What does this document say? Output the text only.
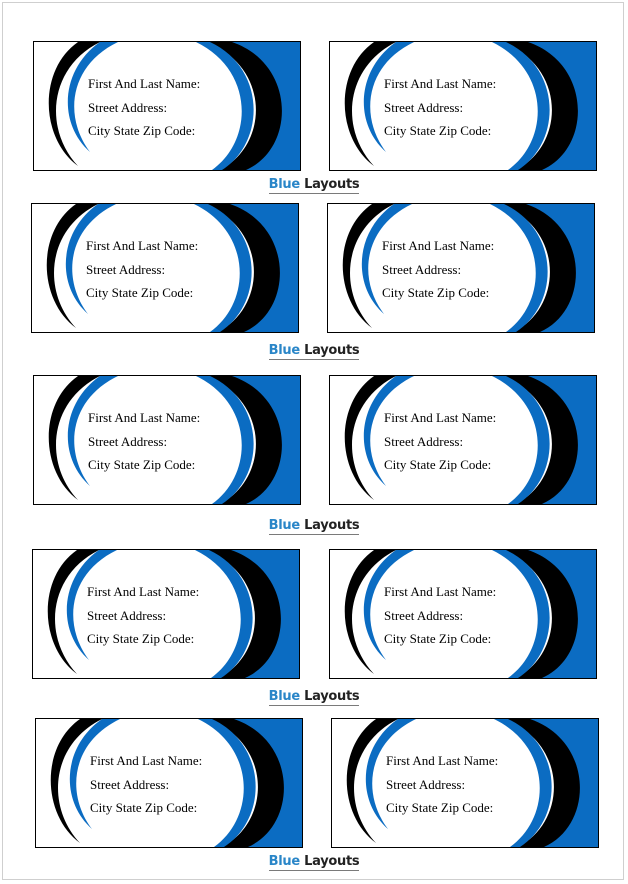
First And Last Name:
Street Address:
City State Zip Code:
First And Last Name:
Street Address:
City State Zip Code:
Blue Layouts
First And Last Name:
Street Address:
City State Zip Code:
First And Last Name:
Street Address:
City State Zip Code:
Blue Layouts
First And Last Name:
Street Address:
City State Zip Code:
First And Last Name:
Street Address:
City State Zip Code:
Blue Layouts
First And Last Name:
Street Address:
City State Zip Code:
First And Last Name:
Street Address:
City State Zip Code:
Blue Layouts
First And Last Name:
Street Address:
City State Zip Code:
First And Last Name:
Street Address:
City State Zip Code:
Blue Layouts
